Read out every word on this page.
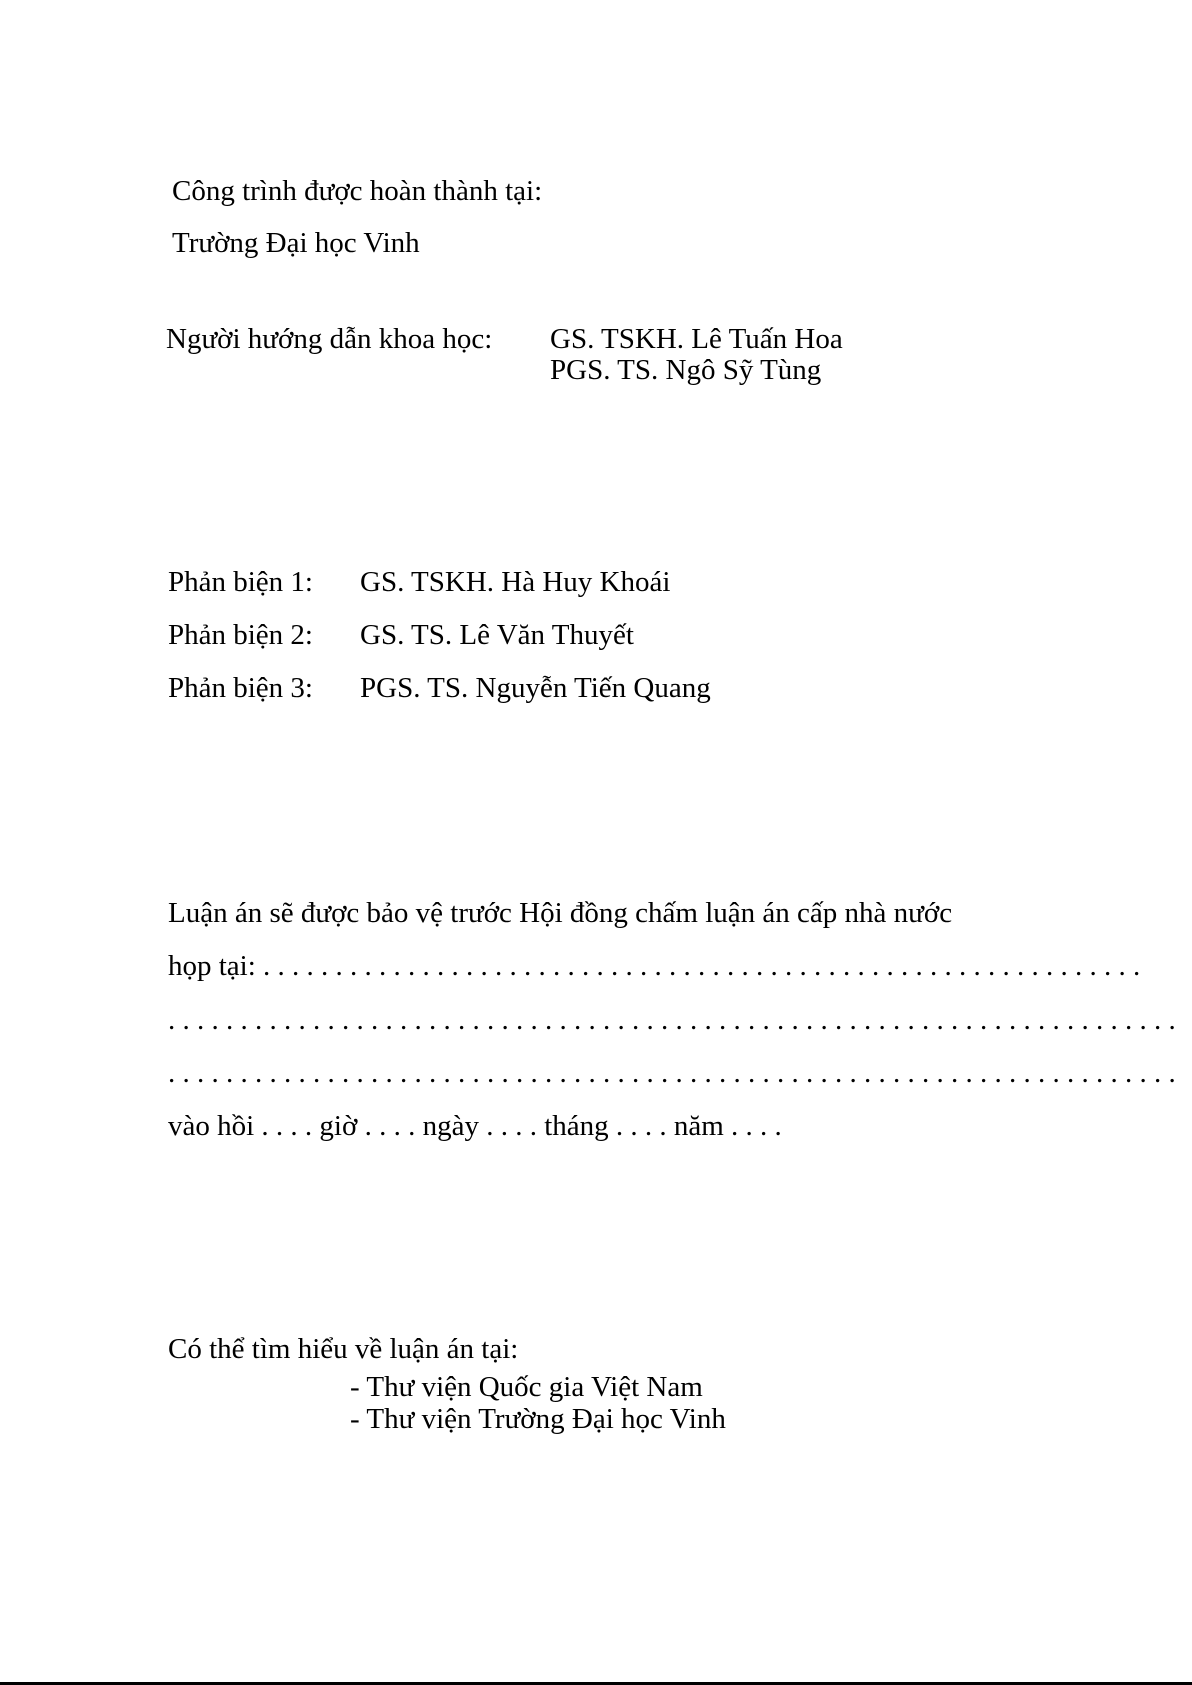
Công trình được hoàn thành tại:

Trường Đại học Vinh

Người hướng dẫn khoa học: GS. TSKH. Lê Tuấn Hoa

PGS. TS. Ngô Sỹ Tùng

Phản biện 1: GS. TSKH. Hà Huy Khoái

Phản biện 2: GS. TS. Lê Văn Thuyết

Phản biện 3: PGS. TS. Nguyễn Tiến Quang

Luận án sẽ được bảo vệ trước Hội đồng chấm luận án cấp nhà nước

họp tại: . . . . . . . . . . . . . . . . . . . . . . . . . . . . . . . . . . . . . . . . . . . . . . . . . . . . . . . . . . . . .

. . . . . . . . . . . . . . . . . . . . . . . . . . . . . . . . . . . . . . . . . . . . . . . . . . . . . . . . . . . . . . . . . . . . . .

. . . . . . . . . . . . . . . . . . . . . . . . . . . . . . . . . . . . . . . . . . . . . . . . . . . . . . . . . . . . . . . . . . . . . .

vào hồi . . . . giờ . . . . ngày . . . . tháng . . . . năm . . . .

Có thể tìm hiểu về luận án tại:

- Thư viện Quốc gia Việt Nam

- Thư viện Trường Đại học Vinh
